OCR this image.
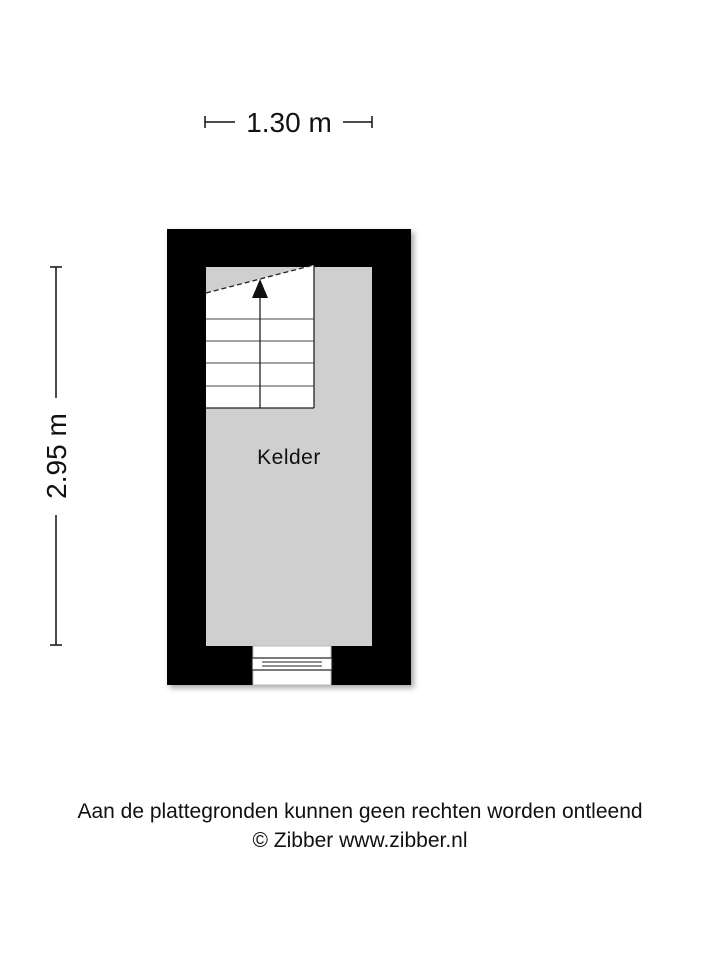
1.30 m
2.95 m	Kelder
Aan de plattegronden kunnen geen rechten worden ontleend
© Zibber www.zibber.nl
